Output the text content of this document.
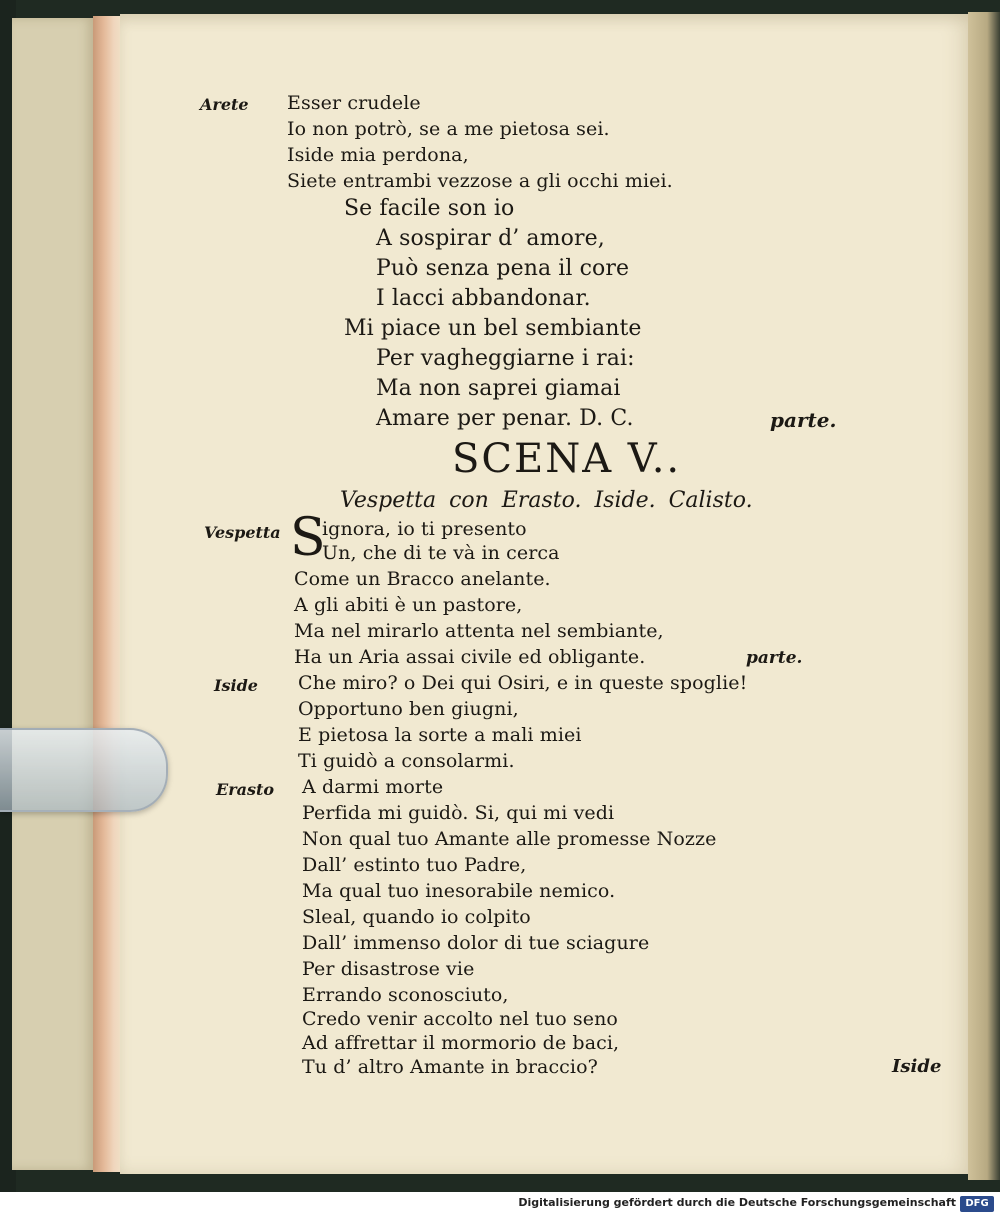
Arete Esser crudele
Io non potrò, se a me pietosa sei.
Iside mia perdona,
Siete entrambi vezzose a gli occhi miei.
Se facile son io
A sospirar d’ amore,
Può senza pena il core
I lacci abbandonar.
Mi piace un bel sembiante
Per vagheggiarne i rai:
Ma non saprei giamai
Amare per penar. D. C.	parte.
SCENA V..
Vespetta con Erasto. Iside. Calisto.
Vespetta S
ignora, io ti presento
Un, che di te và in cerca
Come un Bracco anelante.
A gli abiti è un pastore,
Ma nel mirarlo attenta nel sembiante,
Ha un Aria assai civile ed obligante.	parte.
Iside Che miro? o Dei qui Osiri, e in queste spoglie!
Opportuno ben giugni,
E pietosa la sorte a mali miei
Ti guidò a consolarmi.
Erasto A darmi morte
Perfida mi guidò. Si, qui mi vedi
Non qual tuo Amante alle promesse Nozze
Dall’ estinto tuo Padre,
Ma qual tuo inesorabile nemico.
Sleal, quando io colpito
Dall’ immenso dolor di tue sciagure
Per disastrose vie
Errando sconosciuto,
Credo venir accolto nel tuo seno
Ad affrettar il mormorio de baci,
Tu d’ altro Amante in braccio?	Iside
Digitalisierung gefördert durch die Deutsche Forschungsgemeinschaft DFG
